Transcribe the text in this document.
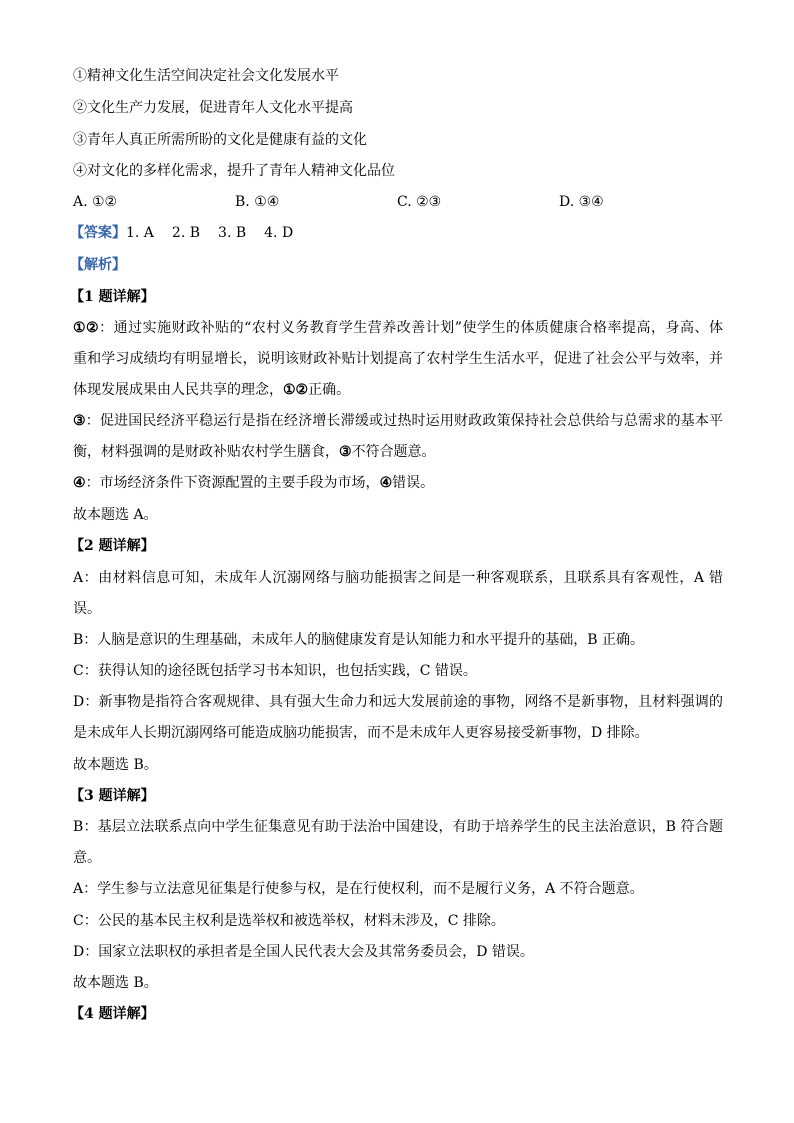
①精神文化生活空间决定社会文化发展水平
②文化生产力发展，促进青年人文化水平提高
③青年人真正所需所盼的文化是健康有益的文化
④对文化的多样化需求，提升了青年人精神文化品位
A. ①②	B. ①④	C. ②③	D. ③④
【答案】1. A 2. B 3. B 4. D
【解析】
【1 题详解】
①②：通过实施财政补贴的“农村义务教育学生营养改善计划”使学生的体质健康合格率提高，身高、体
重和学习成绩均有明显增长，说明该财政补贴计划提高了农村学生生活水平，促进了社会公平与效率，并
体现发展成果由人民共享的理念，①②正确。
③：促进国民经济平稳运行是指在经济增长滞缓或过热时运用财政政策保持社会总供给与总需求的基本平
衡，材料强调的是财政补贴农村学生膳食，③不符合题意。
④：市场经济条件下资源配置的主要手段为市场，④错误。
故本题选 A。
【2 题详解】
A：由材料信息可知，未成年人沉溺网络与脑功能损害之间是一种客观联系，且联系具有客观性，A 错
误。
B：人脑是意识的生理基础，未成年人的脑健康发育是认知能力和水平提升的基础，B 正确。
C：获得认知的途径既包括学习书本知识，也包括实践，C 错误。
D：新事物是指符合客观规律、具有强大生命力和远大发展前途的事物，网络不是新事物，且材料强调的
是未成年人长期沉溺网络可能造成脑功能损害，而不是未成年人更容易接受新事物，D 排除。
故本题选 B。
【3 题详解】
B：基层立法联系点向中学生征集意见有助于法治中国建设，有助于培养学生的民主法治意识，B 符合题
意。
A：学生参与立法意见征集是行使参与权，是在行使权利，而不是履行义务，A 不符合题意。
C：公民的基本民主权利是选举权和被选举权，材料未涉及，C 排除。
D：国家立法职权的承担者是全国人民代表大会及其常务委员会，D 错误。
故本题选 B。
【4 题详解】
